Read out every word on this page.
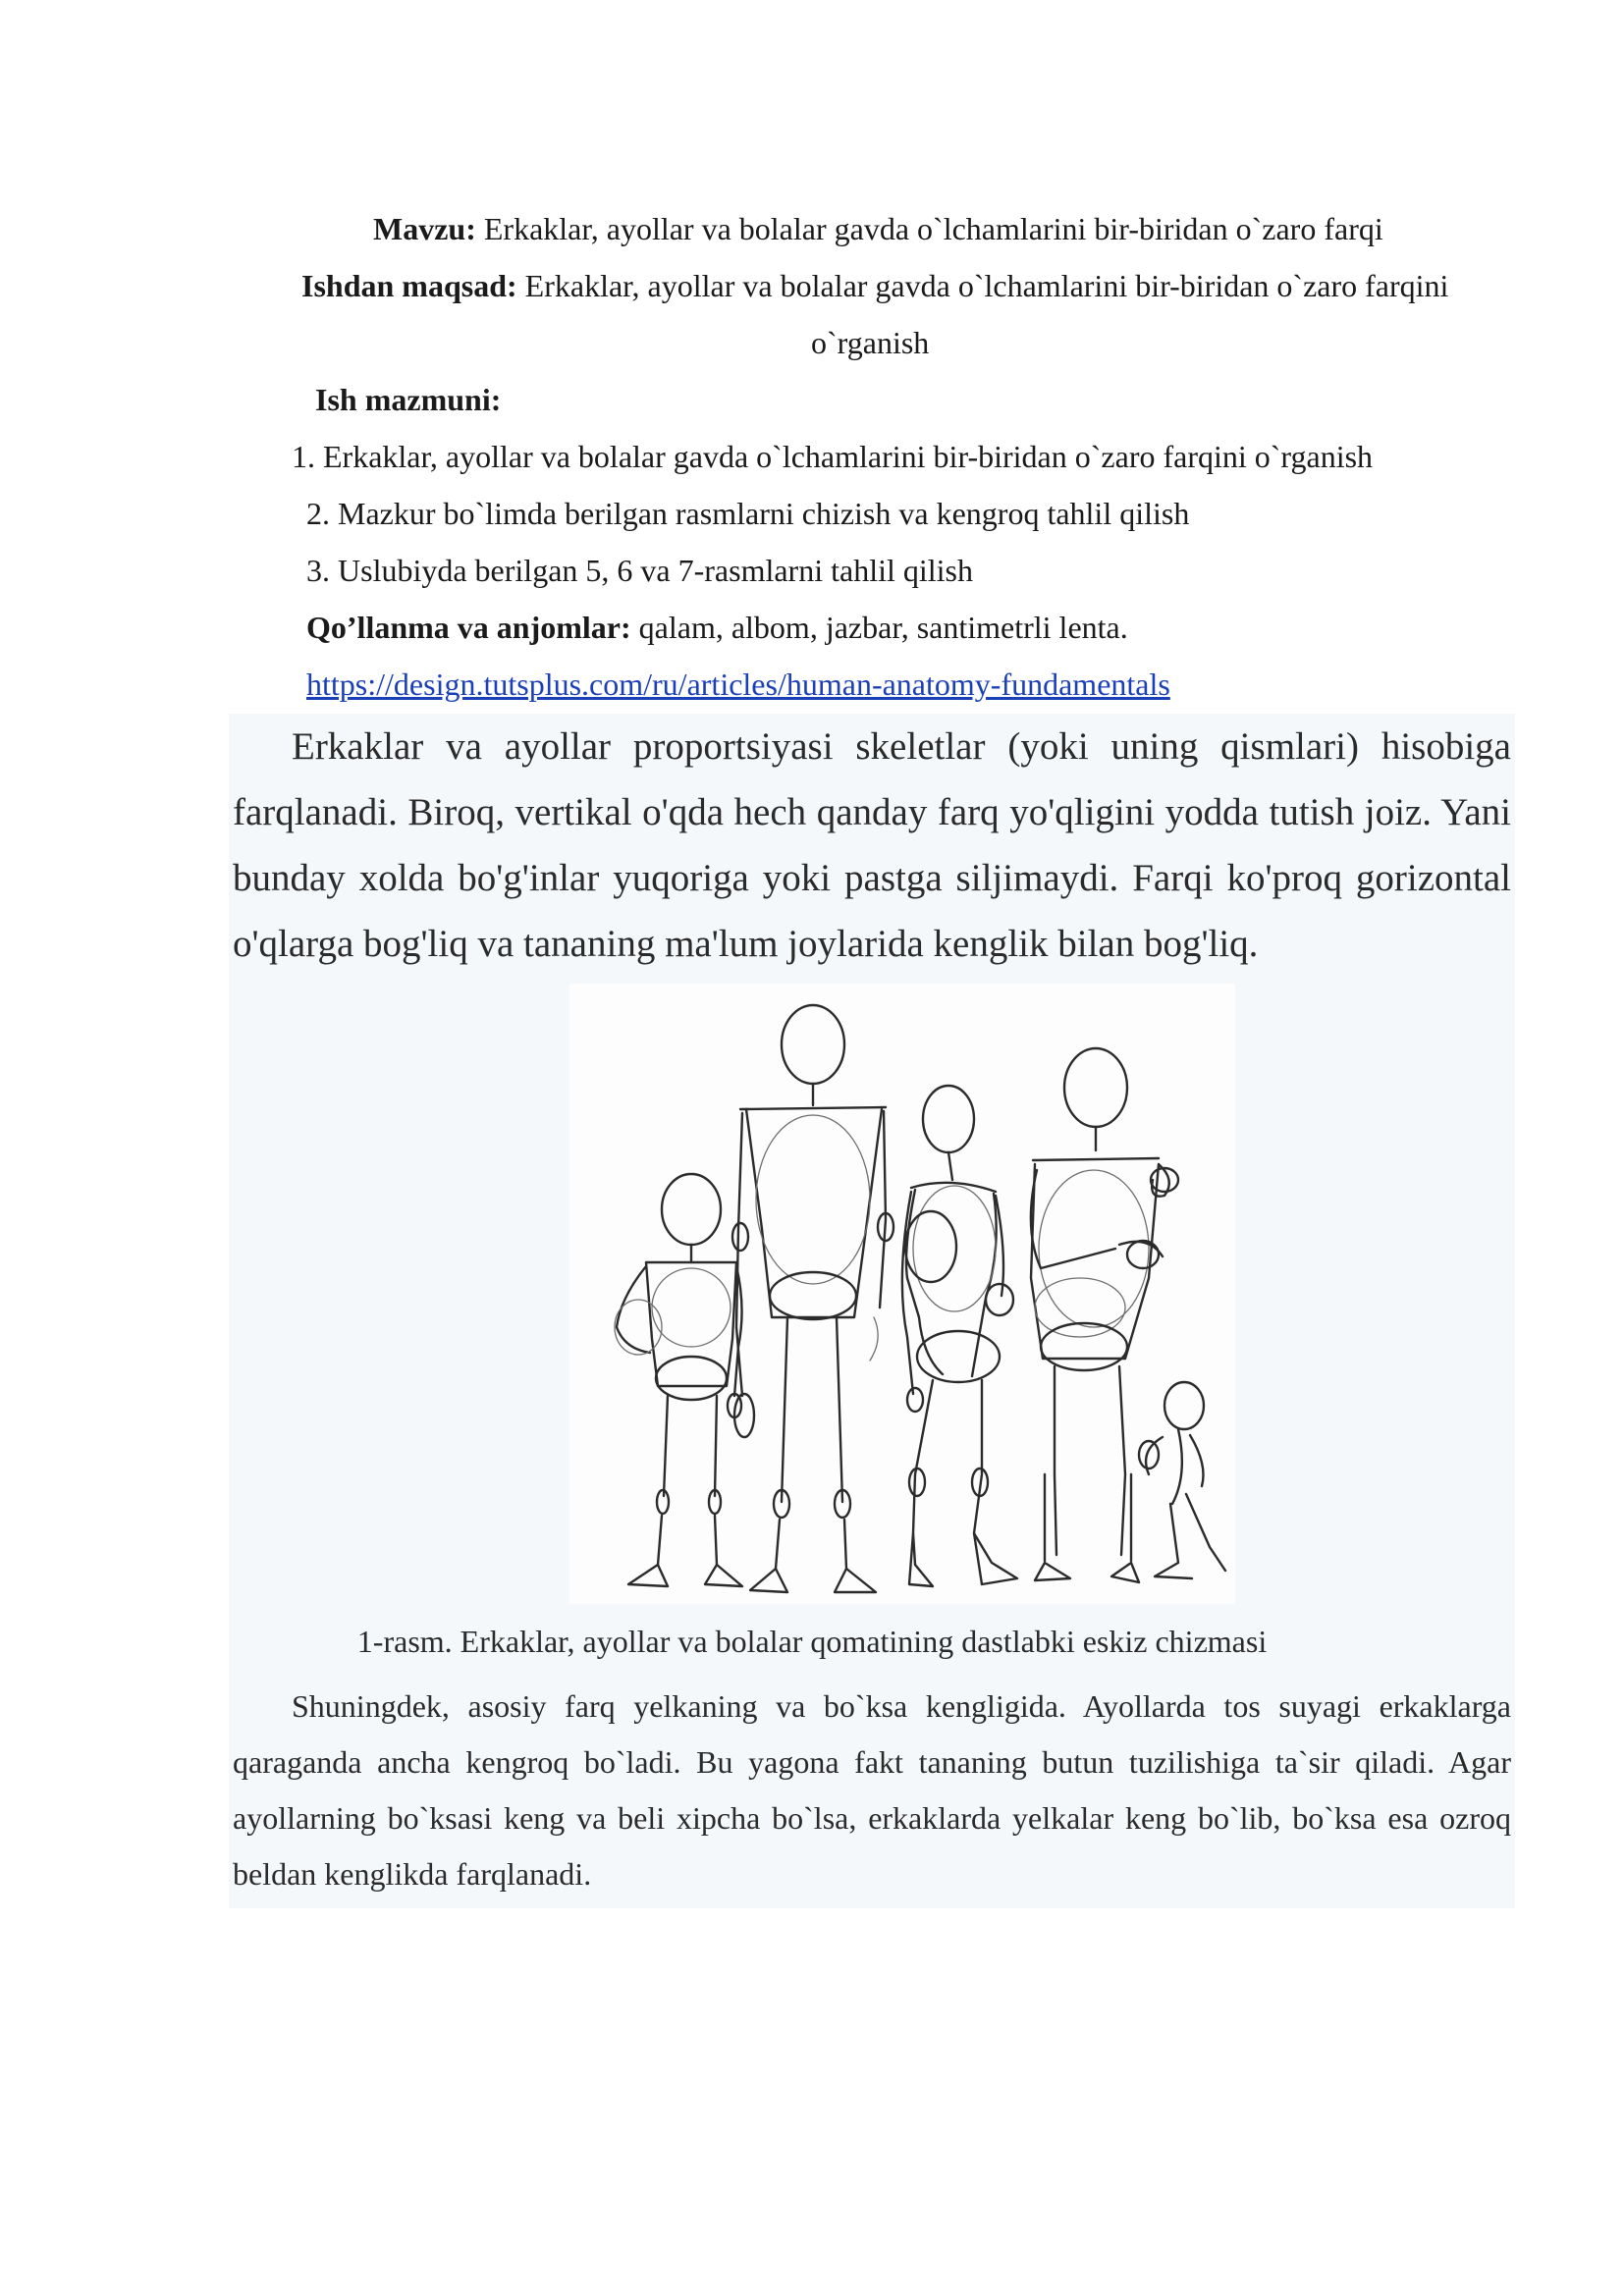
Mavzu: Erkaklar, ayollar va bolalar gavda o`lchamlarini bir-biridan o`zaro farqi
Ishdan maqsad: Erkaklar, ayollar va bolalar gavda o`lchamlarini bir-biridan o`zaro farqini
o`rganish
Ish mazmuni:
1. Erkaklar, ayollar va bolalar gavda o`lchamlarini bir-biridan o`zaro farqini o`rganish
2. Mazkur bo`limda berilgan rasmlarni chizish va kengroq tahlil qilish
3. Uslubiyda berilgan 5, 6 va 7-rasmlarni tahlil qilish
Qo’llanma va anjomlar: qalam, albom, jazbar, santimetrli lenta.
https://design.tutsplus.com/ru/articles/human-anatomy-fundamentals
Erkaklar va ayollar proportsiyasi skeletlar (yoki uning qismlari) hisobiga farqlanadi. Biroq, vertikal o'qda hech qanday farq yo'qligini yodda tutish joiz. Yani bunday xolda bo'g'inlar yuqoriga yoki pastga siljimaydi. Farqi ko'proq gorizontal o'qlarga bog'liq va tananing ma'lum joylarida kenglik bilan bog'liq.
1-rasm. Erkaklar, ayollar va bolalar qomatining dastlabki eskiz chizmasi
Shuningdek, asosiy farq yelkaning va bo`ksa kengligida. Ayollarda tos suyagi erkaklarga qaraganda ancha kengroq bo`ladi. Bu yagona fakt tananing butun tuzilishiga ta`sir qiladi. Agar ayollarning bo`ksasi keng va beli xipcha bo`lsa, erkaklarda yelkalar keng bo`lib, bo`ksa esa ozroq beldan kenglikda farqlanadi.
